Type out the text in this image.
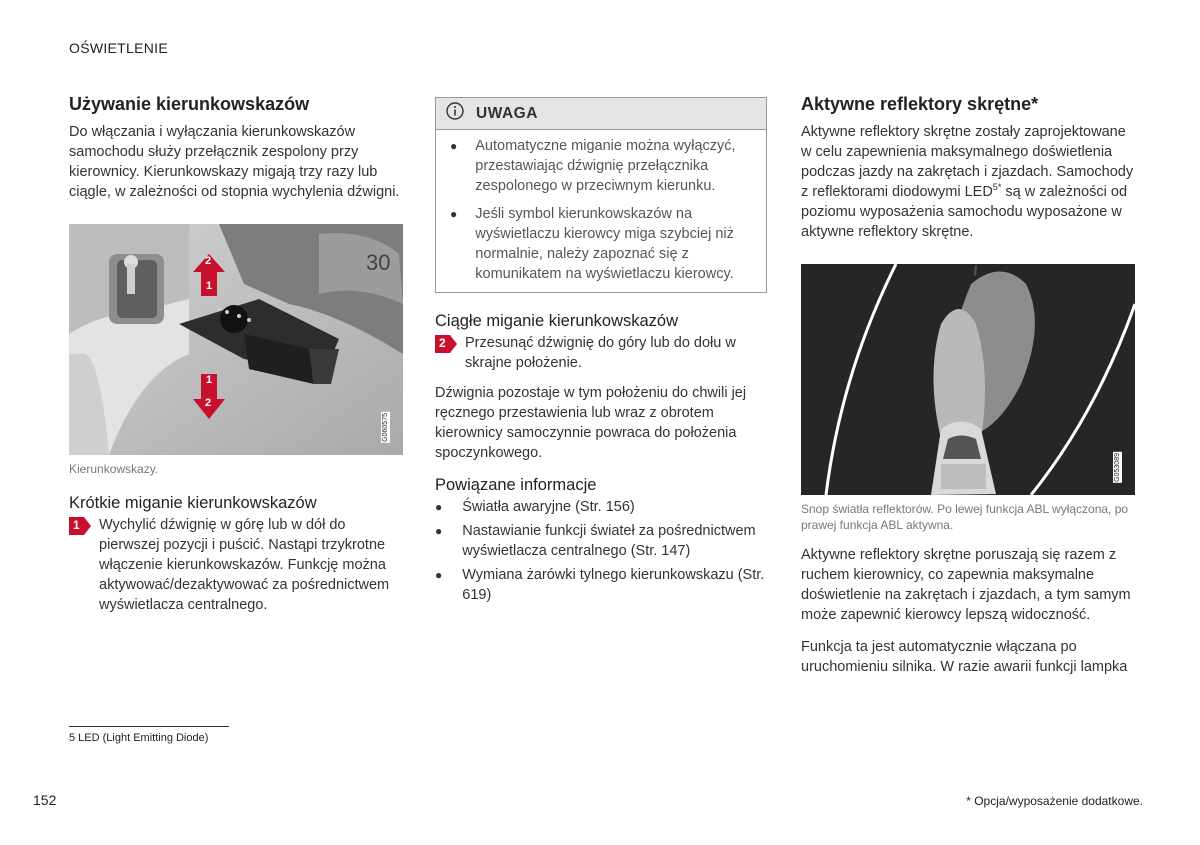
OŚWIETLENIE
Używanie kierunkowskazów

Do włączania i wyłączania kierunkowskazów samochodu służy przełącznik zespolony przy kierownicy. Kierunkowskazy migają trzy razy lub ciągle, w zależności od stopnia wychylenia dźwigni.

30
2
1
1
2
G060575
Kierunkowskazy.
Krótkie miganie kierunkowskazów
1 Wychylić dźwignię w górę lub w dół do pierwszej pozycji i puścić. Nastąpi trzykrotne włączenie kierunkowskazów. Funkcję można aktywować/dezaktywować za pośrednictwem wyświetlacza centralnego.
UWAGA
● Automatyczne miganie można wyłączyć, przestawiając dźwignię przełącznika zespolonego w przeciwnym kierunku.
● Jeśli symbol kierunkowskazów na wyświetlaczu kierowcy miga szybciej niż normalnie, należy zapoznać się z komunikatem na wyświetlaczu kierowcy.
Ciągłe miganie kierunkowskazów
2 Przesunąć dźwignię do góry lub do dołu w skrajne położenie.

Dźwignia pozostaje w tym położeniu do chwili jej ręcznego przestawienia lub wraz z obrotem kierownicy samoczynnie powraca do położenia spoczynkowego.

Powiązane informacje
● Światła awaryjne (Str. 156)
● Nastawianie funkcji świateł za pośrednictwem wyświetlacza centralnego (Str. 147)
● Wymiana żarówki tylnego kierunkowskazu (Str. 619)
Aktywne reflektory skrętne*

Aktywne reflektory skrętne zostały zaprojektowane w celu zapewnienia maksymalnego doświetlenia podczas jazdy na zakrętach i zjazdach. Samochody z reflektorami diodowymi $LED^{5*}$ są w zależności od poziomu wyposażenia samochodu wyposażone w aktywne reflektory skrętne.

G053089
Snop światła reflektorów. Po lewej funkcja ABL wyłączona, po prawej funkcja ABL aktywna.

Aktywne reflektory skrętne poruszają się razem z ruchem kierownicy, co zapewnia maksymalne doświetlenie na zakrętach i zjazdach, a tym samym może zapewnić kierowcy lepszą widoczność.

Funkcja ta jest automatycznie włączana po uruchomieniu silnika. W razie awarii funkcji lampka

5 LED (Light Emitting Diode)
152	* Opcja/wyposażenie dodatkowe.
